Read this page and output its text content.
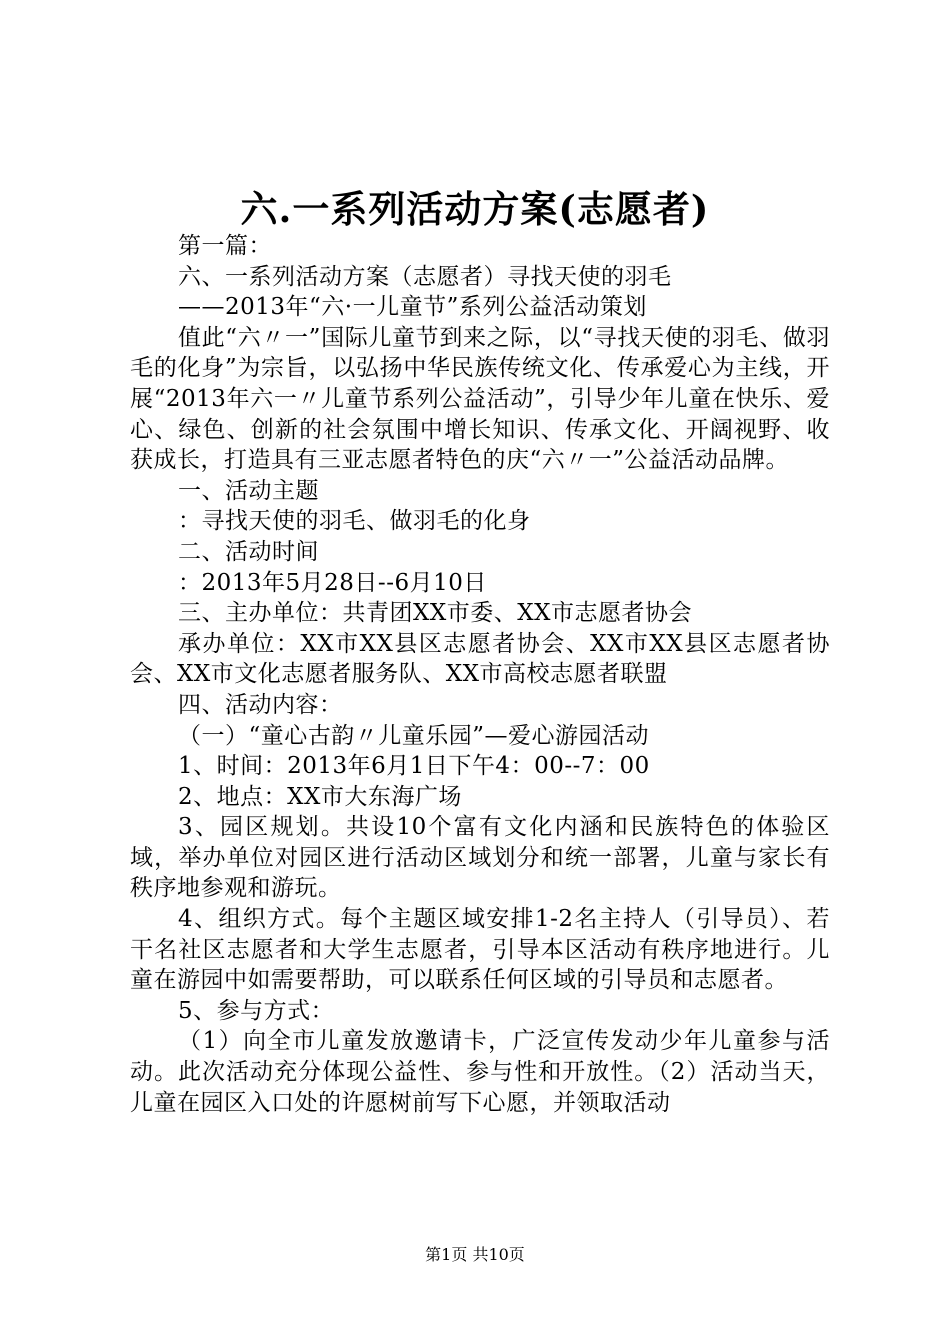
六.一系列活动方案(志愿者)

第一篇：

六、一系列活动方案（志愿者）寻找天使的羽毛

——2013年“六·一儿童节”系列公益活动策划

值此“六〃一”国际儿童节到来之际，以“寻找天使的羽毛、做羽毛的化身”为宗旨，以弘扬中华民族传统文化、传承爱心为主线，开展“2013年六一〃儿童节系列公益活动”，引导少年儿童在快乐、爱心、绿色、创新的社会氛围中增长知识、传承文化、开阔视野、收获成长，打造具有三亚志愿者特色的庆“六〃一”公益活动品牌。

一、活动主题

：寻找天使的羽毛、做羽毛的化身

二、活动时间

：2013年5月28日--6月10日

三、主办单位：共青团XX市委、XX市志愿者协会

承办单位：XX市XX县区志愿者协会、XX市XX县区志愿者协会、XX市文化志愿者服务队、XX市高校志愿者联盟

四、活动内容：

（一）“童心古韵〃儿童乐园”—爱心游园活动

1、时间：2013年6月1日下午4：00--7：00

2、地点：XX市大东海广场

3、园区规划。共设10个富有文化内涵和民族特色的体验区域，举办单位对园区进行活动区域划分和统一部署，儿童与家长有秩序地参观和游玩。

4、组织方式。每个主题区域安排1-2名主持人（引导员）、若干名社区志愿者和大学生志愿者，引导本区活动有秩序地进行。儿童在游园中如需要帮助，可以联系任何区域的引导员和志愿者。

5、参与方式：

（1）向全市儿童发放邀请卡，广泛宣传发动少年儿童参与活动。此次活动充分体现公益性、参与性和开放性。（2）活动当天，儿童在园区入口处的许愿树前写下心愿，并领取活动

第1页 共10页
